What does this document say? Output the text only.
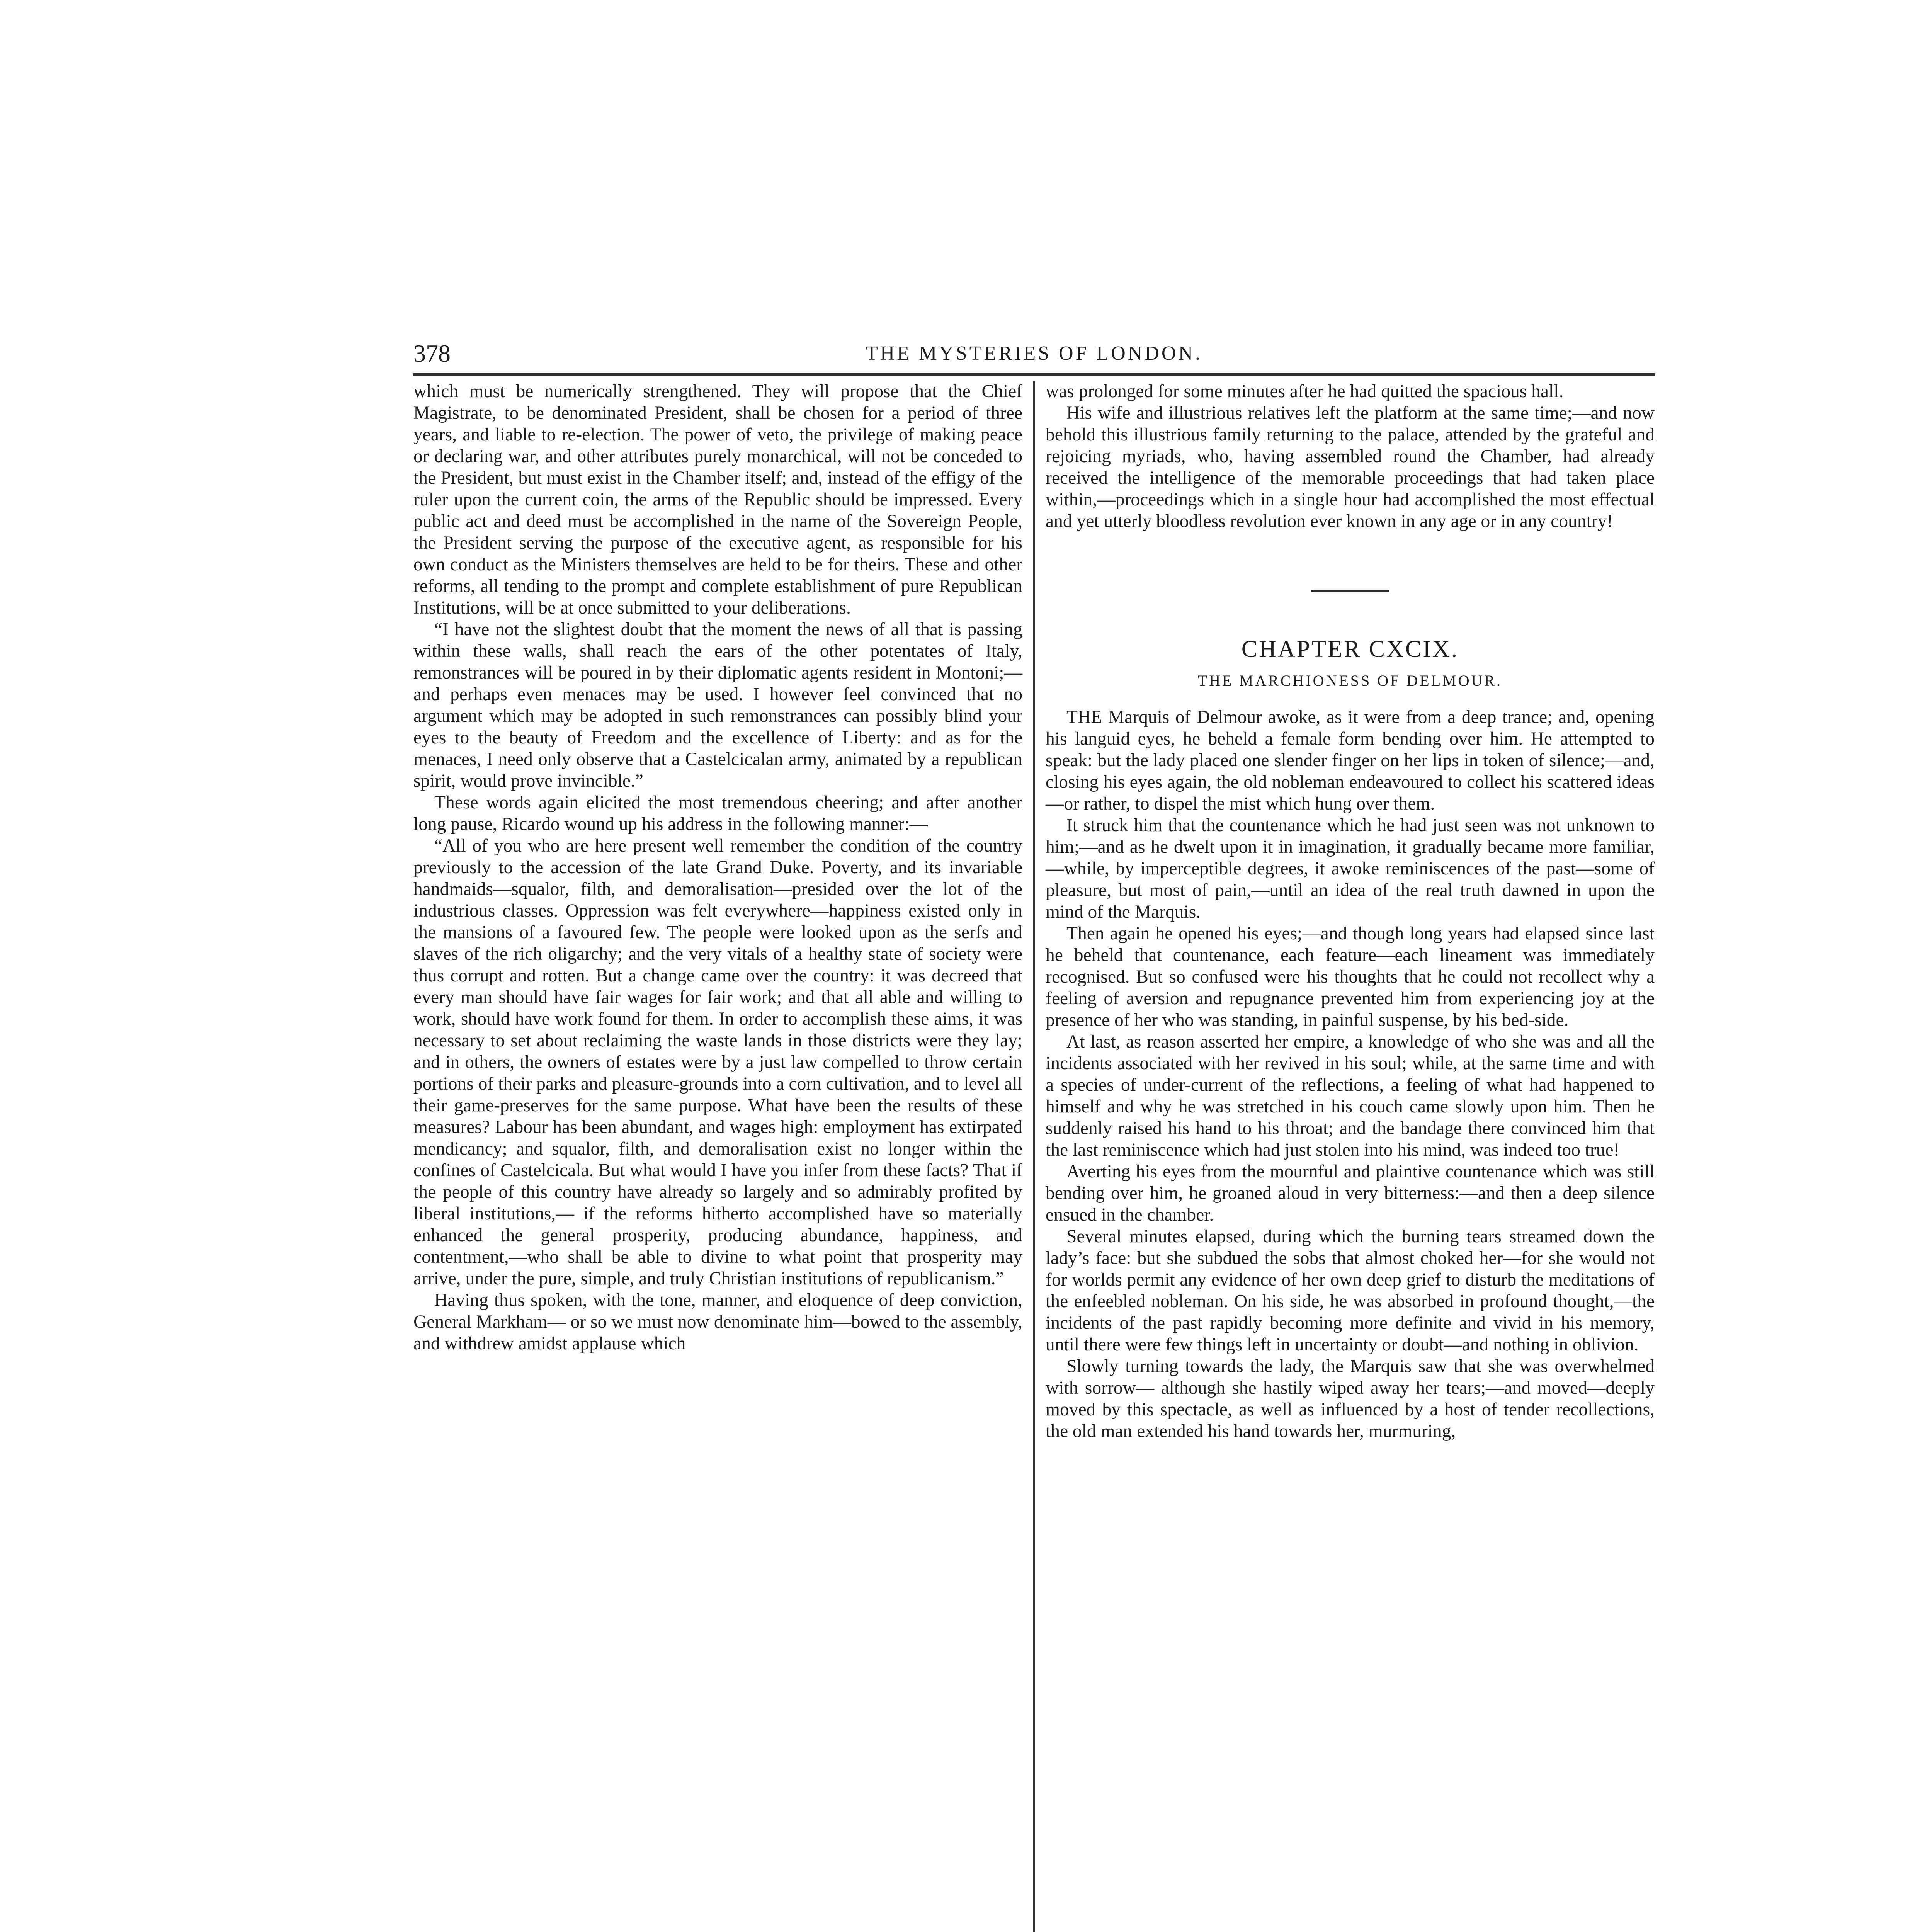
378	THE MYSTERIES OF LONDON.

which must be numerically strengthened. They will propose that the Chief Magistrate, to be denominated President, shall be chosen for a period of three years, and liable to re-election. The power of veto, the privilege of making peace or declaring war, and other attributes purely monarchical, will not be conceded to the President, but must exist in the Chamber itself; and, instead of the effigy of the ruler upon the current coin, the arms of the Republic should be impressed. Every public act and deed must be accomplished in the name of the Sovereign People, the President serving the purpose of the executive agent, as responsible for his own conduct as the Ministers themselves are held to be for theirs. These and other reforms, all tending to the prompt and complete establishment of pure Republican Institutions, will be at once submitted to your deliberations.

“I have not the slightest doubt that the moment the news of all that is passing within these walls, shall reach the ears of the other potentates of Italy, remonstrances will be poured in by their diplomatic agents resident in Montoni;—and perhaps even menaces may be used. I however feel convinced that no argument which may be adopted in such remonstrances can possibly blind your eyes to the beauty of Freedom and the excellence of Liberty: and as for the menaces, I need only observe that a Castelcicalan army, animated by a republican spirit, would prove invincible.”

These words again elicited the most tremendous cheering; and after another long pause, Ricardo wound up his address in the following manner:—

“All of you who are here present well remember the condition of the country previously to the accession of the late Grand Duke. Poverty, and its invariable handmaids—squalor, filth, and demoralisation—presided over the lot of the industrious classes. Oppression was felt everywhere—happiness existed only in the mansions of a favoured few. The people were looked upon as the serfs and slaves of the rich oligarchy; and the very vitals of a healthy state of society were thus corrupt and rotten. But a change came over the country: it was decreed that every man should have fair wages for fair work; and that all able and willing to work, should have work found for them. In order to accomplish these aims, it was necessary to set about reclaiming the waste lands in those districts were they lay; and in others, the owners of estates were by a just law compelled to throw certain portions of their parks and pleasure-grounds into a corn cultivation, and to level all their game-preserves for the same purpose. What have been the results of these measures? Labour has been abundant, and wages high: employment has extirpated mendicancy; and squalor, filth, and demoralisation exist no longer within the confines of Castelcicala. But what would I have you infer from these facts? That if the people of this country have already so largely and so admirably profited by liberal institutions,— if the reforms hitherto accomplished have so materially enhanced the general prosperity, producing abundance, happiness, and contentment,—who shall be able to divine to what point that prosperity may arrive, under the pure, simple, and truly Christian institutions of republicanism.”

Having thus spoken, with the tone, manner, and eloquence of deep conviction, General Markham— or so we must now denominate him—bowed to the assembly, and withdrew amidst applause which

was prolonged for some minutes after he had quitted the spacious hall.

His wife and illustrious relatives left the platform at the same time;—and now behold this illustrious family returning to the palace, attended by the grateful and rejoicing myriads, who, having assembled round the Chamber, had already received the intelligence of the memorable proceedings that had taken place within,—proceedings which in a single hour had accomplished the most effectual and yet utterly bloodless revolution ever known in any age or in any country!

CHAPTER CXCIX.
THE MARCHIONESS OF DELMOUR.

THE Marquis of Delmour awoke, as it were from a deep trance; and, opening his languid eyes, he beheld a female form bending over him. He attempted to speak: but the lady placed one slender finger on her lips in token of silence;—and, closing his eyes again, the old nobleman endeavoured to collect his scattered ideas—or rather, to dispel the mist which hung over them.

It struck him that the countenance which he had just seen was not unknown to him;—and as he dwelt upon it in imagination, it gradually became more familiar,—while, by imperceptible degrees, it awoke reminiscences of the past—some of pleasure, but most of pain,—until an idea of the real truth dawned in upon the mind of the Marquis.

Then again he opened his eyes;—and though long years had elapsed since last he beheld that countenance, each feature—each lineament was immediately recognised. But so confused were his thoughts that he could not recollect why a feeling of aversion and repugnance prevented him from experiencing joy at the presence of her who was standing, in painful suspense, by his bed-side.

At last, as reason asserted her empire, a knowledge of who she was and all the incidents associated with her revived in his soul; while, at the same time and with a species of under-current of the reflections, a feeling of what had happened to himself and why he was stretched in his couch came slowly upon him. Then he suddenly raised his hand to his throat; and the bandage there convinced him that the last reminiscence which had just stolen into his mind, was indeed too true!

Averting his eyes from the mournful and plaintive countenance which was still bending over him, he groaned aloud in very bitterness:—and then a deep silence ensued in the chamber.

Several minutes elapsed, during which the burning tears streamed down the lady’s face: but she subdued the sobs that almost choked her—for she would not for worlds permit any evidence of her own deep grief to disturb the meditations of the enfeebled nobleman. On his side, he was absorbed in profound thought,—the incidents of the past rapidly becoming more definite and vivid in his memory, until there were few things left in uncertainty or doubt—and nothing in oblivion.

Slowly turning towards the lady, the Marquis saw that she was overwhelmed with sorrow— although she hastily wiped away her tears;—and moved—deeply moved by this spectacle, as well as influenced by a host of tender recollections, the old man extended his hand towards her, murmuring,
